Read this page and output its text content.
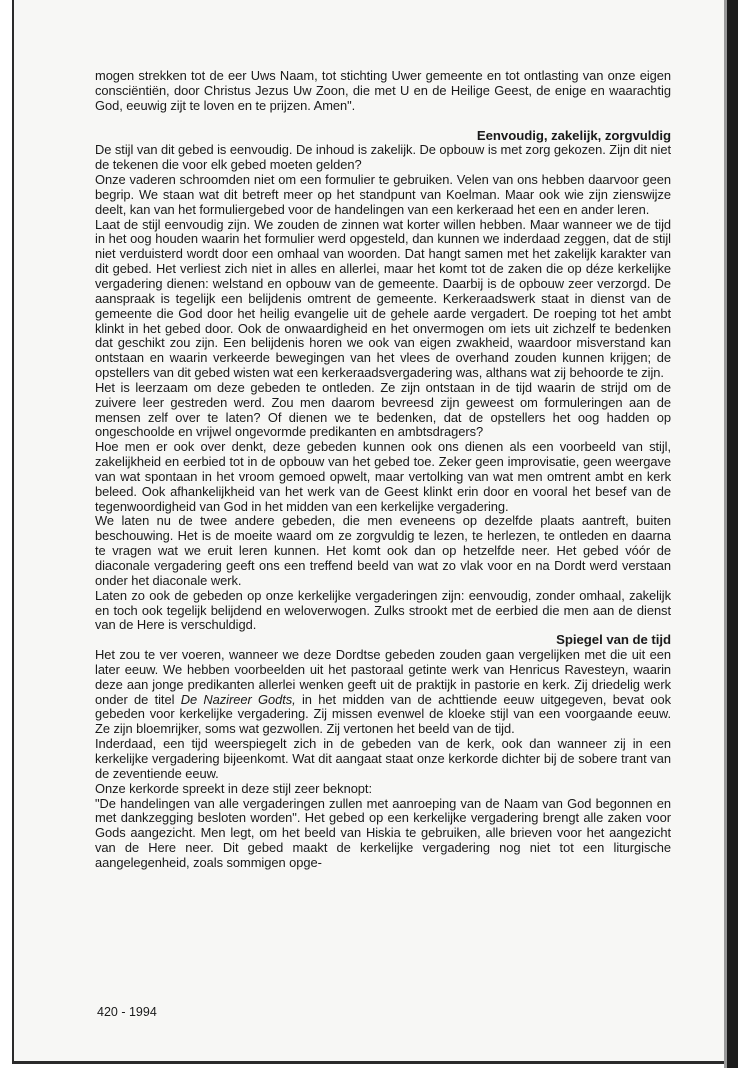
mogen strekken tot de eer Uws Naam, tot stichting Uwer gemeente en tot ontlasting van onze eigen consciëntiën, door Christus Jezus Uw Zoon, die met U en de Heilige Geest, de enige en waarachtig God, eeuwig zijt te loven en te prijzen. Amen".

Eenvoudig, zakelijk, zorgvuldig

De stijl van dit gebed is eenvoudig. De inhoud is zakelijk. De opbouw is met zorg gekozen. Zijn dit niet de tekenen die voor elk gebed moeten gelden?

Onze vaderen schroomden niet om een formulier te gebruiken. Velen van ons hebben daarvoor geen begrip. We staan wat dit betreft meer op het standpunt van Koelman. Maar ook wie zijn zienswijze deelt, kan van het formuliergebed voor de handelingen van een kerkeraad het een en ander leren.

Laat de stijl eenvoudig zijn. We zouden de zinnen wat korter willen hebben. Maar wanneer we de tijd in het oog houden waarin het formulier werd opgesteld, dan kunnen we inderdaad zeggen, dat de stijl niet verduisterd wordt door een omhaal van woorden. Dat hangt samen met het zakelijk karakter van dit gebed. Het verliest zich niet in alles en allerlei, maar het komt tot de zaken die op déze kerkelijke vergadering dienen: welstand en opbouw van de gemeente. Daarbij is de opbouw zeer verzorgd. De aanspraak is tegelijk een belijdenis omtrent de gemeente. Kerkeraadswerk staat in dienst van de gemeente die God door het heilig evangelie uit de gehele aarde vergadert. De roeping tot het ambt klinkt in het gebed door. Ook de onwaardigheid en het onvermogen om iets uit zichzelf te bedenken dat geschikt zou zijn. Een belijdenis horen we ook van eigen zwakheid, waardoor misverstand kan ontstaan en waarin verkeerde bewegingen van het vlees de overhand zouden kunnen krijgen; de opstellers van dit gebed wisten wat een kerkeraadsvergadering was, althans wat zij behoorde te zijn.

Het is leerzaam om deze gebeden te ontleden. Ze zijn ontstaan in de tijd waarin de strijd om de zuivere leer gestreden werd. Zou men daarom bevreesd zijn geweest om formuleringen aan de mensen zelf over te laten? Of dienen we te bedenken, dat de opstellers het oog hadden op ongeschoolde en vrijwel ongevormde predikanten en ambtsdragers?

Hoe men er ook over denkt, deze gebeden kunnen ook ons dienen als een voorbeeld van stijl, zakelijkheid en eerbied tot in de opbouw van het gebed toe. Zeker geen improvisatie, geen weergave van wat spontaan in het vroom gemoed opwelt, maar vertolking van wat men omtrent ambt en kerk beleed. Ook afhankelijkheid van het werk van de Geest klinkt erin door en vooral het besef van de tegenwoordigheid van God in het midden van een kerkelijke vergadering.

We laten nu de twee andere gebeden, die men eveneens op dezelfde plaats aantreft, buiten beschouwing. Het is de moeite waard om ze zorgvuldig te lezen, te herlezen, te ontleden en daarna te vragen wat we eruit leren kunnen. Het komt ook dan op hetzelfde neer. Het gebed vóór de diaconale vergadering geeft ons een treffend beeld van wat zo vlak voor en na Dordt werd verstaan onder het diaconale werk.

Laten zo ook de gebeden op onze kerkelijke vergaderingen zijn: eenvoudig, zonder omhaal, zakelijk en toch ook tegelijk belijdend en weloverwogen. Zulks strookt met de eerbied die men aan de dienst van de Here is verschuldigd.

Spiegel van de tijd

Het zou te ver voeren, wanneer we deze Dordtse gebeden zouden gaan vergelijken met die uit een later eeuw. We hebben voorbeelden uit het pastoraal getinte werk van Henricus Ravesteyn, waarin deze aan jonge predikanten allerlei wenken geeft uit de praktijk in pastorie en kerk. Zij driedelig werk onder de titel De Nazireer Godts, in het midden van de achttiende eeuw uitgegeven, bevat ook gebeden voor kerkelijke vergadering. Zij missen evenwel de kloeke stijl van een voorgaande eeuw. Ze zijn bloemrijker, soms wat gezwollen. Zij vertonen het beeld van de tijd.

Inderdaad, een tijd weerspiegelt zich in de gebeden van de kerk, ook dan wanneer zij in een kerkelijke vergadering bijeenkomt. Wat dit aangaat staat onze kerkorde dichter bij de sobere trant van de zeventiende eeuw.

Onze kerkorde spreekt in deze stijl zeer beknopt:

"De handelingen van alle vergaderingen zullen met aanroeping van de Naam van God begonnen en met dankzegging besloten worden". Het gebed op een kerkelijke vergadering brengt alle zaken voor Gods aangezicht. Men legt, om het beeld van Hiskia te gebruiken, alle brieven voor het aangezicht van de Here neer. Dit gebed maakt de kerkelijke vergadering nog niet tot een liturgische aangelegenheid, zoals sommigen opge-

420 - 1994
